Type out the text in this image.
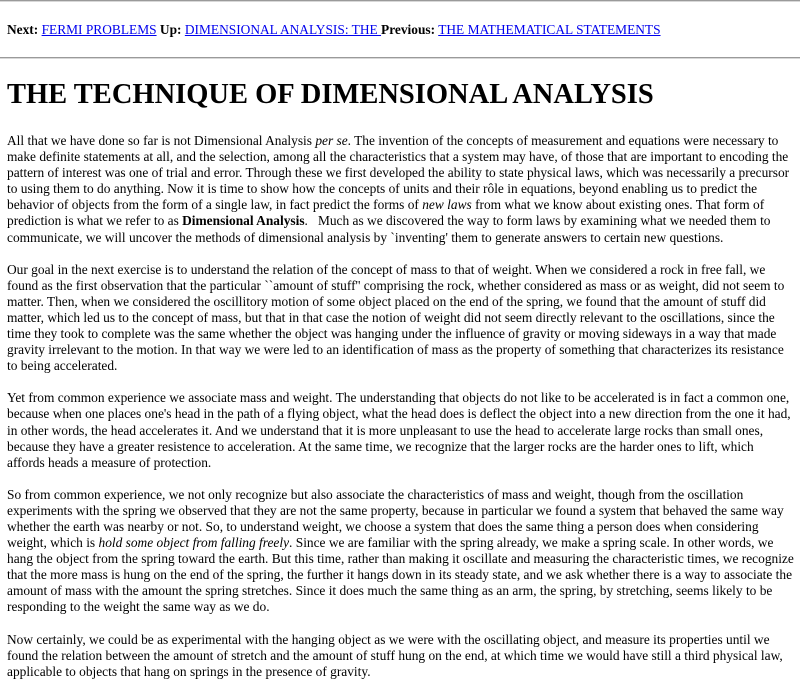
Next: FERMI PROBLEMS Up: DIMENSIONAL ANALYSIS: THE Previous: THE MATHEMATICAL STATEMENTS
THE TECHNIQUE OF DIMENSIONAL ANALYSIS

All that we have done so far is not Dimensional Analysis per se. The invention of the concepts of measurement and equations were necessary to make definite statements at all, and the selection, among all the characteristics that a system may have, of those that are important to encoding the pattern of interest was one of trial and error. Through these we first developed the ability to state physical laws, which was necessarily a precursor to using them to do anything. Now it is time to show how the concepts of units and their rôle in equations, beyond enabling us to predict the behavior of objects from the form of a single law, in fact predict the forms of new laws from what we know about existing ones. That form of prediction is what we refer to as Dimensional Analysis.   Much as we discovered the way to form laws by examining what we needed them to communicate, we will uncover the methods of dimensional analysis by `inventing' them to generate answers to certain new questions.

Our goal in the next exercise is to understand the relation of the concept of mass to that of weight. When we considered a rock in free fall, we found as the first observation that the particular ``amount of stuff'' comprising the rock, whether considered as mass or as weight, did not seem to matter. Then, when we considered the oscillitory motion of some object placed on the end of the spring, we found that the amount of stuff did matter, which led us to the concept of mass, but that in that case the notion of weight did not seem directly relevant to the oscillations, since the time they took to complete was the same whether the object was hanging under the influence of gravity or moving sideways in a way that made gravity irrelevant to the motion. In that way we were led to an identification of mass as the property of something that characterizes its resistance to being accelerated.

Yet from common experience we associate mass and weight. The understanding that objects do not like to be accelerated is in fact a common one, because when one places one's head in the path of a flying object, what the head does is deflect the object into a new direction from the one it had, in other words, the head accelerates it. And we understand that it is more unpleasant to use the head to accelerate large rocks than small ones, because they have a greater resistence to acceleration. At the same time, we recognize that the larger rocks are the harder ones to lift, which affords heads a measure of protection.

So from common experience, we not only recognize but also associate the characteristics of mass and weight, though from the oscillation experiments with the spring we observed that they are not the same property, because in particular we found a system that behaved the same way whether the earth was nearby or not. So, to understand weight, we choose a system that does the same thing a person does when considering weight, which is hold some object from falling freely. Since we are familiar with the spring already, we make a spring scale. In other words, we hang the object from the spring toward the earth. But this time, rather than making it oscillate and measuring the characteristic times, we recognize that the more mass is hung on the end of the spring, the further it hangs down in its steady state, and we ask whether there is a way to associate the amount of mass with the amount the spring stretches. Since it does much the same thing as an arm, the spring, by stretching, seems likely to be responding to the weight the same way as we do.

Now certainly, we could be as experimental with the hanging object as we were with the oscillating object, and measure its properties until we found the relation between the amount of stretch and the amount of stuff hung on the end, at which time we would have still a third physical law, applicable to objects that hang on springs in the presence of gravity.
